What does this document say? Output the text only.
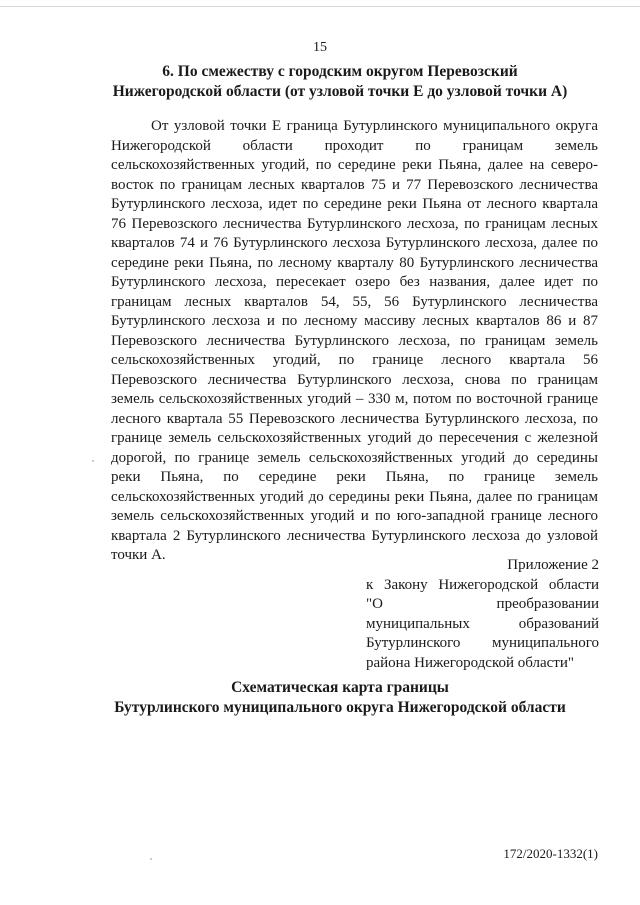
15
6. По смежеству с городским округом Перевозский
Нижегородской области (от узловой точки Е до узловой точки А)
От узловой точки Е граница Бутурлинского муниципального округа
Нижегородской области проходит по границам земель
сельскохозяйственных угодий, по середине реки Пьяна, далее на северо-
восток по границам лесных кварталов 75 и 77 Перевозского лесничества
Бутурлинского лесхоза, идет по середине реки Пьяна от лесного квартала
76 Перевозского лесничества Бутурлинского лесхоза, по границам лесных
кварталов 74 и 76 Бутурлинского лесхоза Бутурлинского лесхоза, далее по
середине реки Пьяна, по лесному кварталу 80 Бутурлинского лесничества
Бутурлинского лесхоза, пересекает озеро без названия, далее идет по
границам лесных кварталов 54, 55, 56 Бутурлинского лесничества
Бутурлинского лесхоза и по лесному массиву лесных кварталов 86 и 87
Перевозского лесничества Бутурлинского лесхоза, по границам земель
сельскохозяйственных угодий, по границе лесного квартала 56
Перевозского лесничества Бутурлинского лесхоза, снова по границам
земель сельскохозяйственных угодий – 330 м, потом по восточной границе
лесного квартала 55 Перевозского лесничества Бутурлинского лесхоза, по
границе земель сельскохозяйственных угодий до пересечения с железной
дорогой, по границе земель сельскохозяйственных угодий до середины
реки Пьяна, по середине реки Пьяна, по границе земель
сельскохозяйственных угодий до середины реки Пьяна, далее по границам
земель сельскохозяйственных угодий и по юго-западной границе лесного
квартала 2 Бутурлинского лесничества Бутурлинского лесхоза до узловой
точки А.
Приложение 2
к Закону Нижегородской области
"О преобразовании
муниципальных образований
Бутурлинского муниципального
района Нижегородской области"
Схематическая карта границы
Бутурлинского муниципального округа Нижегородской области
172/2020-1332(1)
